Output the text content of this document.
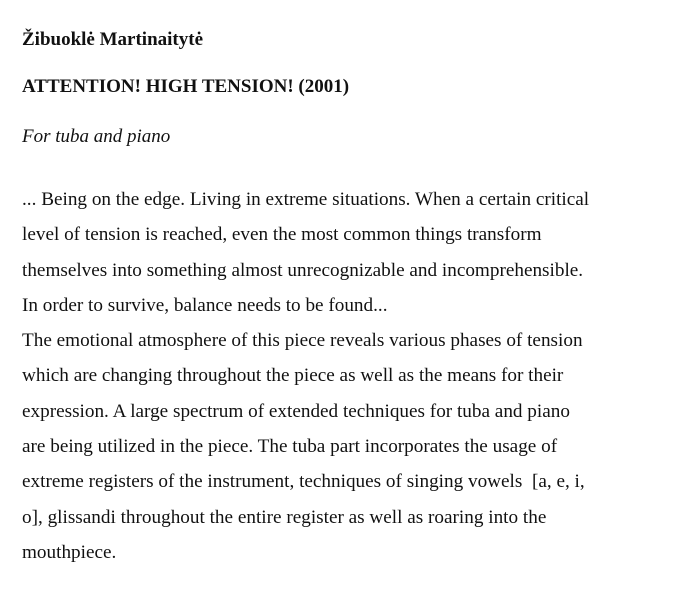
Žibuoklė Martinaitytė
ATTENTION! HIGH TENSION! (2001)
For tuba and piano
... Being on the edge. Living in extreme situations. When a certain critical
level of tension is reached, even the most common things transform
themselves into something almost unrecognizable and incomprehensible.
In order to survive, balance needs to be found...
The emotional atmosphere of this piece reveals various phases of tension
which are changing throughout the piece as well as the means for their
expression. A large spectrum of extended techniques for tuba and piano
are being utilized in the piece. The tuba part incorporates the usage of
extreme registers of the instrument, techniques of singing vowels  [a, e, i,
o], glissandi throughout the entire register as well as roaring into the
mouthpiece.
